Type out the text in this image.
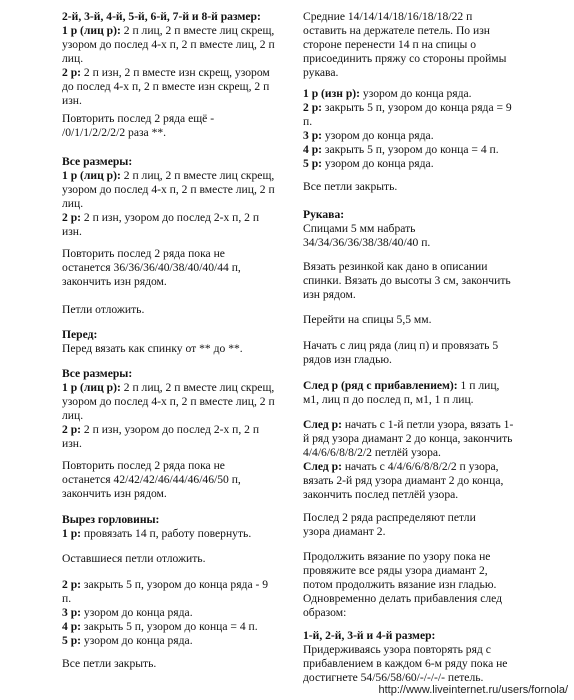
2-й, 3-й, 4-й, 5-й, 6-й, 7-й и 8-й размер:

1 р (лиц р): 2 п лиц, 2 п вместе лиц скрещ, узором до послед 4-х п, 2 п вместе лиц, 2 п лиц.

2 р: 2 п изн, 2 п вместе изн скрещ, узором до послед 4-х п, 2 п вместе изн скрещ, 2 п изн.

Повторить послед 2 ряда ещё - /0/1/1/2/2/2/2 раза **.

Все размеры:

1 р (лиц р): 2 п лиц, 2 п вместе лиц скрещ, узором до послед 4-х п, 2 п вместе лиц, 2 п лиц.

2 р: 2 п изн, узором до послед 2-х п, 2 п изн.

Повторить послед 2 ряда пока не останется 36/36/36/40/38/40/40/44 п, закончить изн рядом.

Петли отложить.

Перед:

Перед вязать как спинку от ** до **.

Все размеры:

1 р (лиц р): 2 п лиц, 2 п вместе лиц скрещ, узором до послед 4-х п, 2 п вместе лиц, 2 п лиц.

2 р: 2 п изн, узором до послед 2-х п, 2 п изн.

Повторить послед 2 ряда пока не останется 42/42/42/46/44/46/46/50 п, закончить изн рядом.

Вырез горловины:

1 р: провязать 14 п, работу повернуть.

Оставшиеся петли отложить.

2 р: закрыть 5 п, узором до конца ряда - 9 п.

3 р: узором до конца ряда.

4 р: закрыть 5 п, узором до конца = 4 п.

5 р: узором до конца ряда.

Все петли закрыть.

Средние 14/14/14/18/16/18/18/22 п оставить на держателе петель. По изн стороне перенести 14 п на спицы о присоединить пряжу со стороны проймы рукава.

1 р (изн р): узором до конца ряда.

2 р: закрыть 5 п, узором до конца ряда = 9 п.

3 р: узором до конца ряда.

4 р: закрыть 5 п, узором до конца = 4 п.

5 р: узором до конца ряда.

Все петли закрыть.

Рукава:

Спицами 5 мм набрать 34/34/36/36/38/38/40/40 п.

Вязать резинкой как дано в описании спинки. Вязать до высоты 3 см, закончить изн рядом.

Перейти на спицы 5,5 мм.

Начать с лиц ряда (лиц п) и провязать 5 рядов изн гладью.

След р (ряд с прибавлением): 1 п лиц, м1, лиц п до послед п, м1, 1 п лиц.

След р: начать с 1-й петли узора, вязать 1-й ряд узора диамант 2 до конца, закончить 4/4/6/6/8/8/2/2 петлёй узора.

След р: начать с 4/4/6/6/8/8/2/2 п узора, вязать 2-й ряд узора диамант 2 до конца, закончить послед петлёй узора.

Послед 2 ряда распределяют петли узора диамант 2.

Продолжить вязание по узору пока не провяжите все ряды узора диамант 2, потом продолжить вязание изн гладью. Одновременно делать прибавления след образом:

1-й, 2-й, 3-й и 4-й размер:

Придерживаясь узора повторять ряд с прибавлением в каждом 6-м ряду пока не достигнете 54/56/58/60/-/-/-/- петель.

http://www.liveinternet.ru/users/fornola/
